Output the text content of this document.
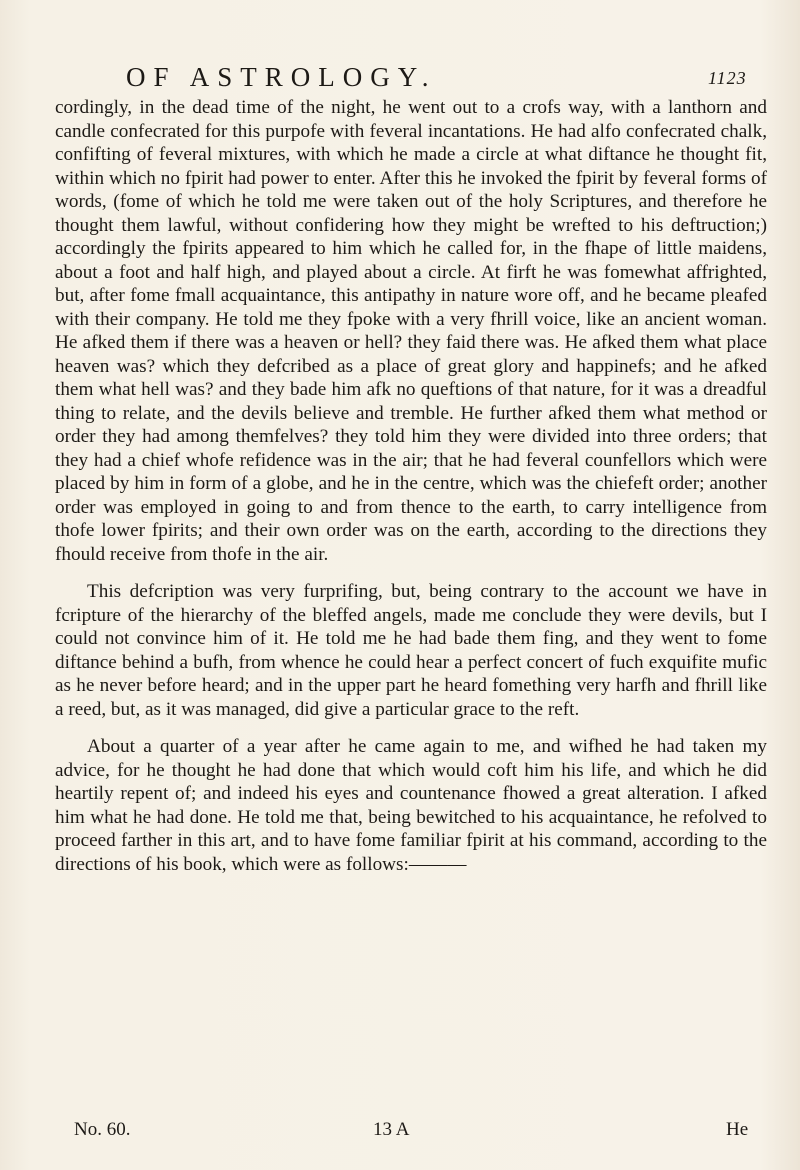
OF ASTROLOGY.	1123

cordingly, in the dead time of the night, he went out to a crofs way, with a lanthorn and candle confecrated for this purpofe with feveral incantations. He had alfo confecrated chalk, confifting of feveral mixtures, with which he made a circle at what diftance he thought fit, within which no fpirit had power to enter. After this he invoked the fpirit by feveral forms of words, (fome of which he told me were taken out of the holy Scriptures, and therefore he thought them lawful, without confidering how they might be wrefted to his deftruction;) accordingly the fpirits appeared to him which he called for, in the fhape of little maidens, about a foot and half high, and played about a circle. At firft he was fomewhat affrighted, but, after fome fmall acquaintance, this antipathy in nature wore off, and he became pleafed with their company. He told me they fpoke with a very fhrill voice, like an ancient woman. He afked them if there was a heaven or hell? they faid there was. He afked them what place heaven was? which they defcribed as a place of great glory and happinefs; and he afked them what hell was? and they bade him afk no queftions of that nature, for it was a dreadful thing to relate, and the devils believe and tremble. He further afked them what method or order they had among themfelves? they told him they were divided into three orders; that they had a chief whofe refidence was in the air; that he had feveral counfellors which were placed by him in form of a globe, and he in the centre, which was the chiefeft order; another order was employed in going to and from thence to the earth, to carry intelligence from thofe lower fpirits; and their own order was on the earth, according to the directions they fhould receive from thofe in the air.

This defcription was very furprifing, but, being contrary to the account we have in fcripture of the hierarchy of the bleffed angels, made me conclude they were devils, but I could not convince him of it. He told me he had bade them fing, and they went to fome diftance behind a bufh, from whence he could hear a perfect concert of fuch exquifite mufic as he never before heard; and in the upper part he heard fomething very harfh and fhrill like a reed, but, as it was managed, did give a particular grace to the reft.

About a quarter of a year after he came again to me, and wifhed he had taken my advice, for he thought he had done that which would coft him his life, and which he did heartily repent of; and indeed his eyes and countenance fhowed a great alteration. I afked him what he had done. He told me that, being bewitched to his acquaintance, he refolved to proceed farther in this art, and to have fome familiar fpirit at his command, according to the directions of his book, which were as follows:———

No. 60.	13 A	He
